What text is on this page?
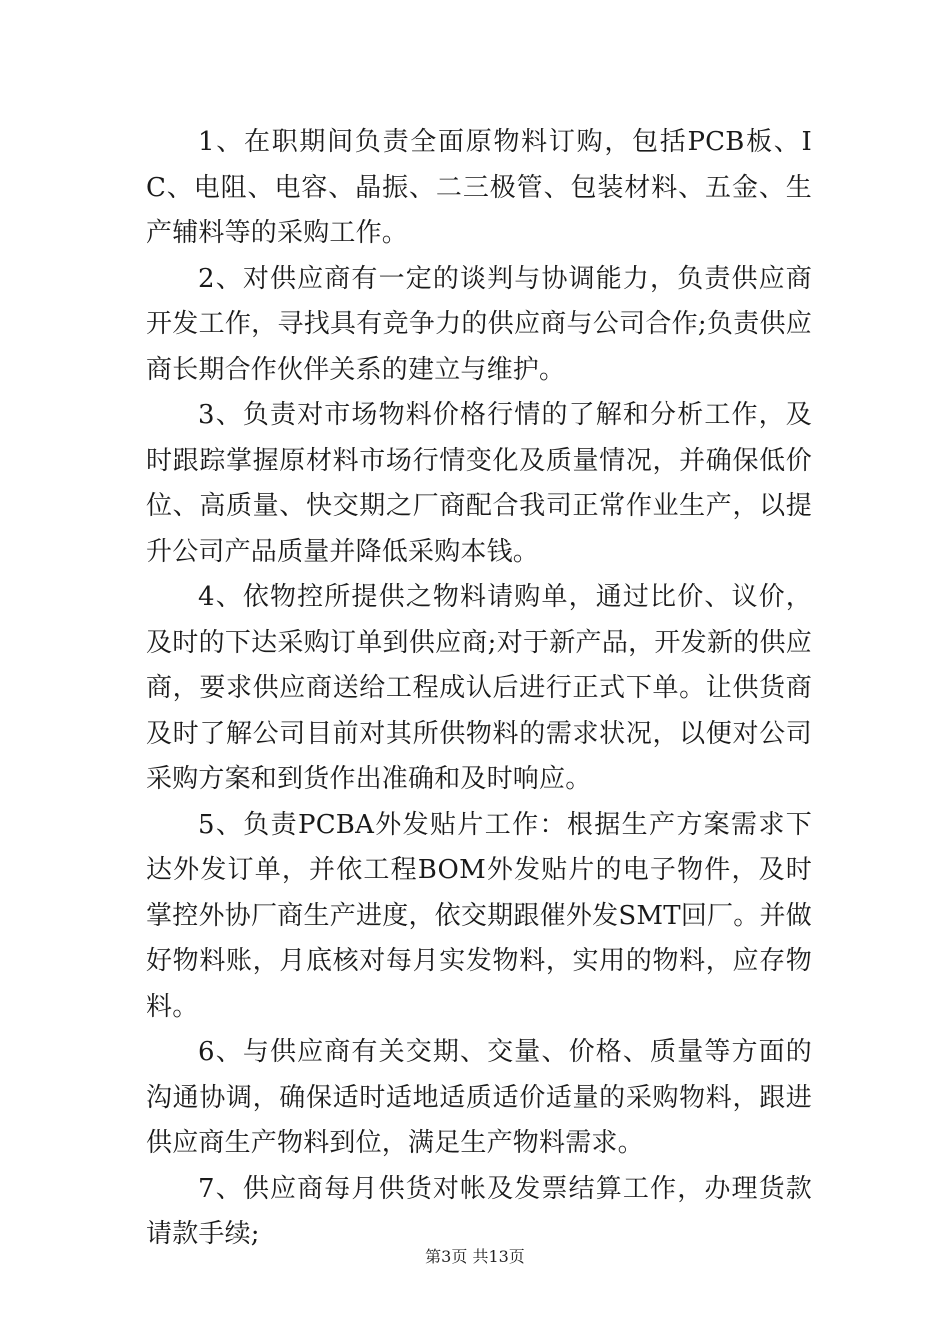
1、在职期间负责全面原物料订购，包括PCB板、IC、电阻、电容、晶振、二三极管、包装材料、五金、生产辅料等的采购工作。

2、对供应商有一定的谈判与协调能力，负责供应商开发工作，寻找具有竞争力的供应商与公司合作;负责供应商长期合作伙伴关系的建立与维护。

3、负责对市场物料价格行情的了解和分析工作，及时跟踪掌握原材料市场行情变化及质量情况，并确保低价位、高质量、快交期之厂商配合我司正常作业生产，以提升公司产品质量并降低采购本钱。

4、依物控所提供之物料请购单，通过比价、议价，及时的下达采购订单到供应商;对于新产品，开发新的供应商，要求供应商送给工程成认后进行正式下单。让供货商及时了解公司目前对其所供物料的需求状况，以便对公司采购方案和到货作出准确和及时响应。

5、负责PCBA外发贴片工作：根据生产方案需求下达外发订单，并依工程BOM外发贴片的电子物件，及时掌控外协厂商生产进度，依交期跟催外发SMT回厂。并做好物料账，月底核对每月实发物料，实用的物料，应存物料。

6、与供应商有关交期、交量、价格、质量等方面的沟通协调，确保适时适地适质适价适量的采购物料，跟进供应商生产物料到位，满足生产物料需求。

7、供应商每月供货对帐及发票结算工作，办理货款请款手续;

第3页 共13页
